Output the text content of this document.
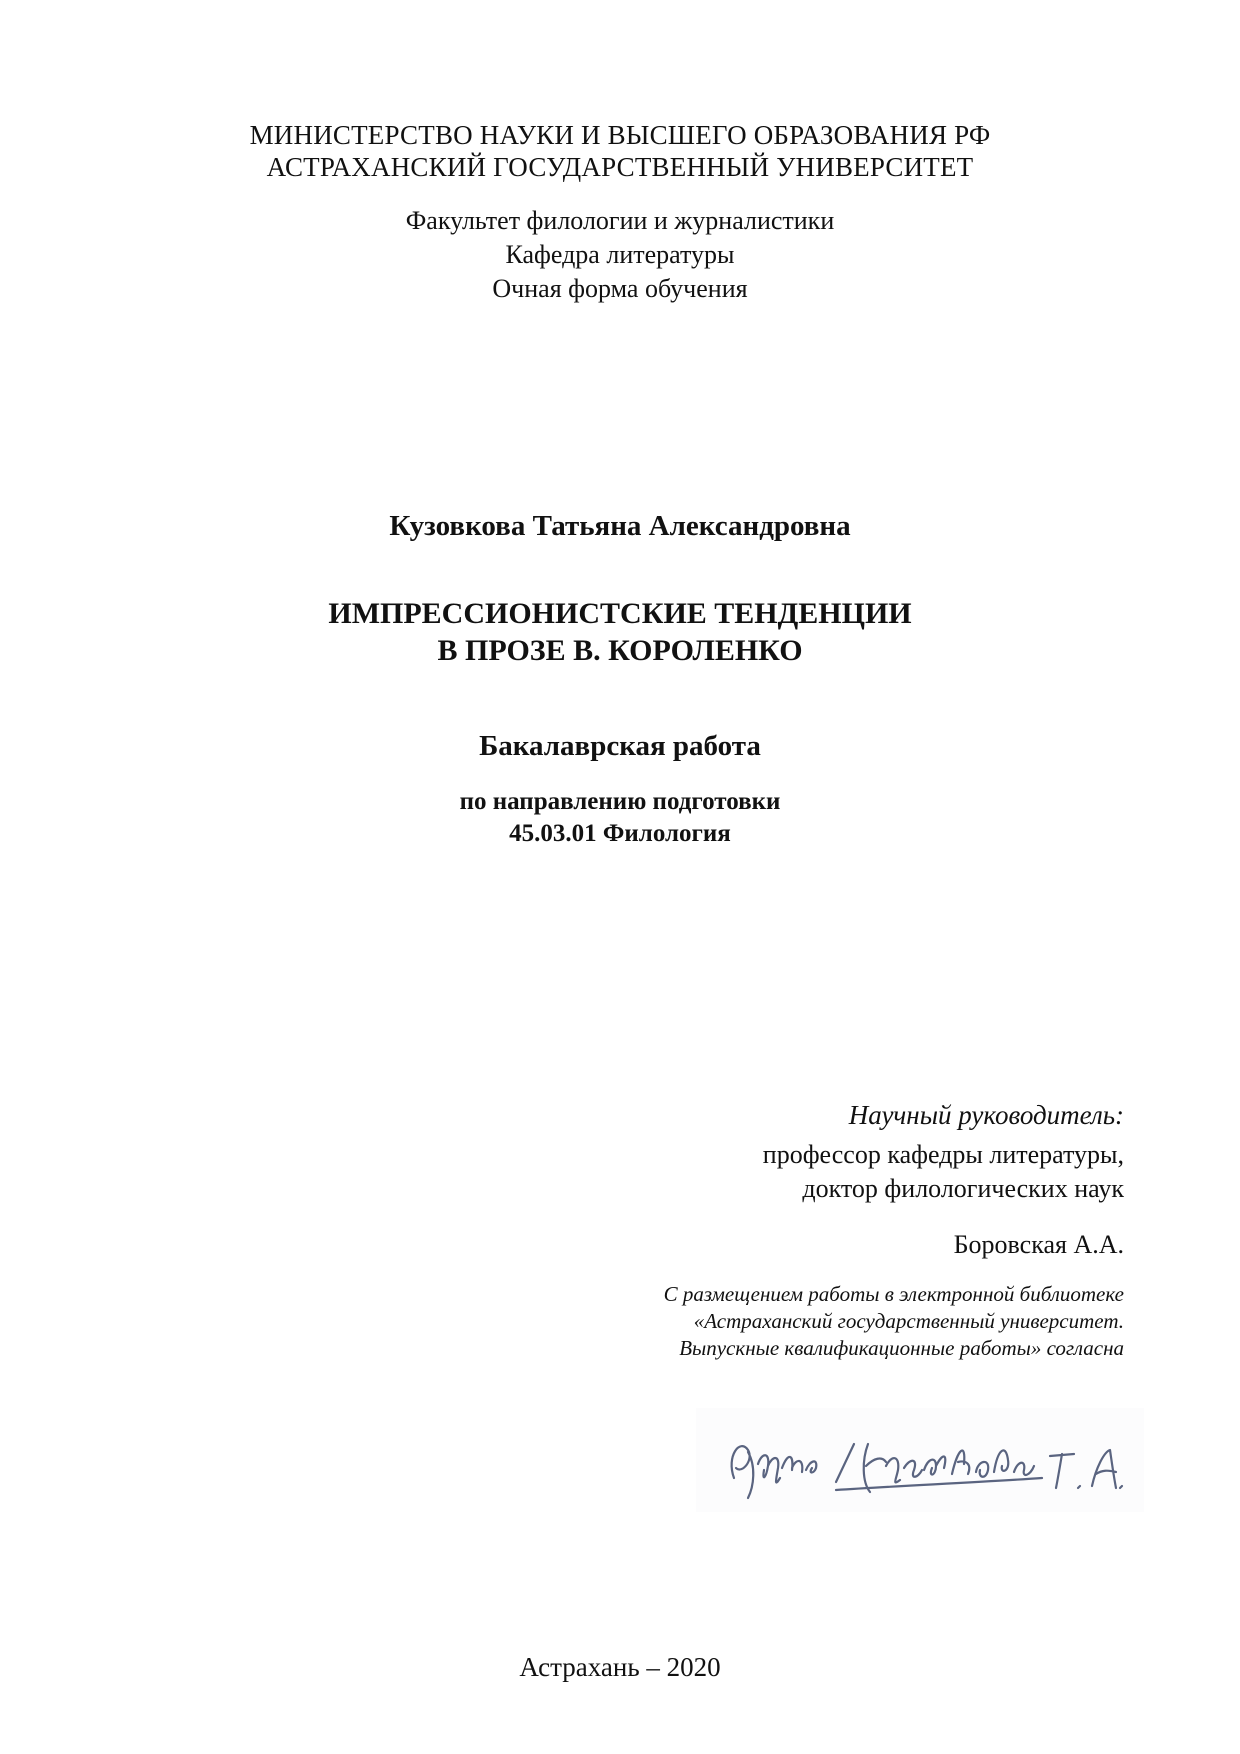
МИНИСТЕРСТВО НАУКИ И ВЫСШЕГО ОБРАЗОВАНИЯ РФ
АСТРАХАНСКИЙ ГОСУДАРСТВЕННЫЙ УНИВЕРСИТЕТ
Факультет филологии и журналистики
Кафедра литературы
Очная форма обучения
Кузовкова Татьяна Александровна
ИМПРЕССИОНИСТСКИЕ ТЕНДЕНЦИИ
В ПРОЗЕ В. КОРОЛЕНКО
Бакалаврская работа
по направлению подготовки
45.03.01 Филология
Научный руководитель:
профессор кафедры литературы,
доктор филологических наук
Боровская А.А.
С размещением работы в электронной библиотеке
«Астраханский государственный университет.
Выпускные квалификационные работы» согласна
Астрахань – 2020
